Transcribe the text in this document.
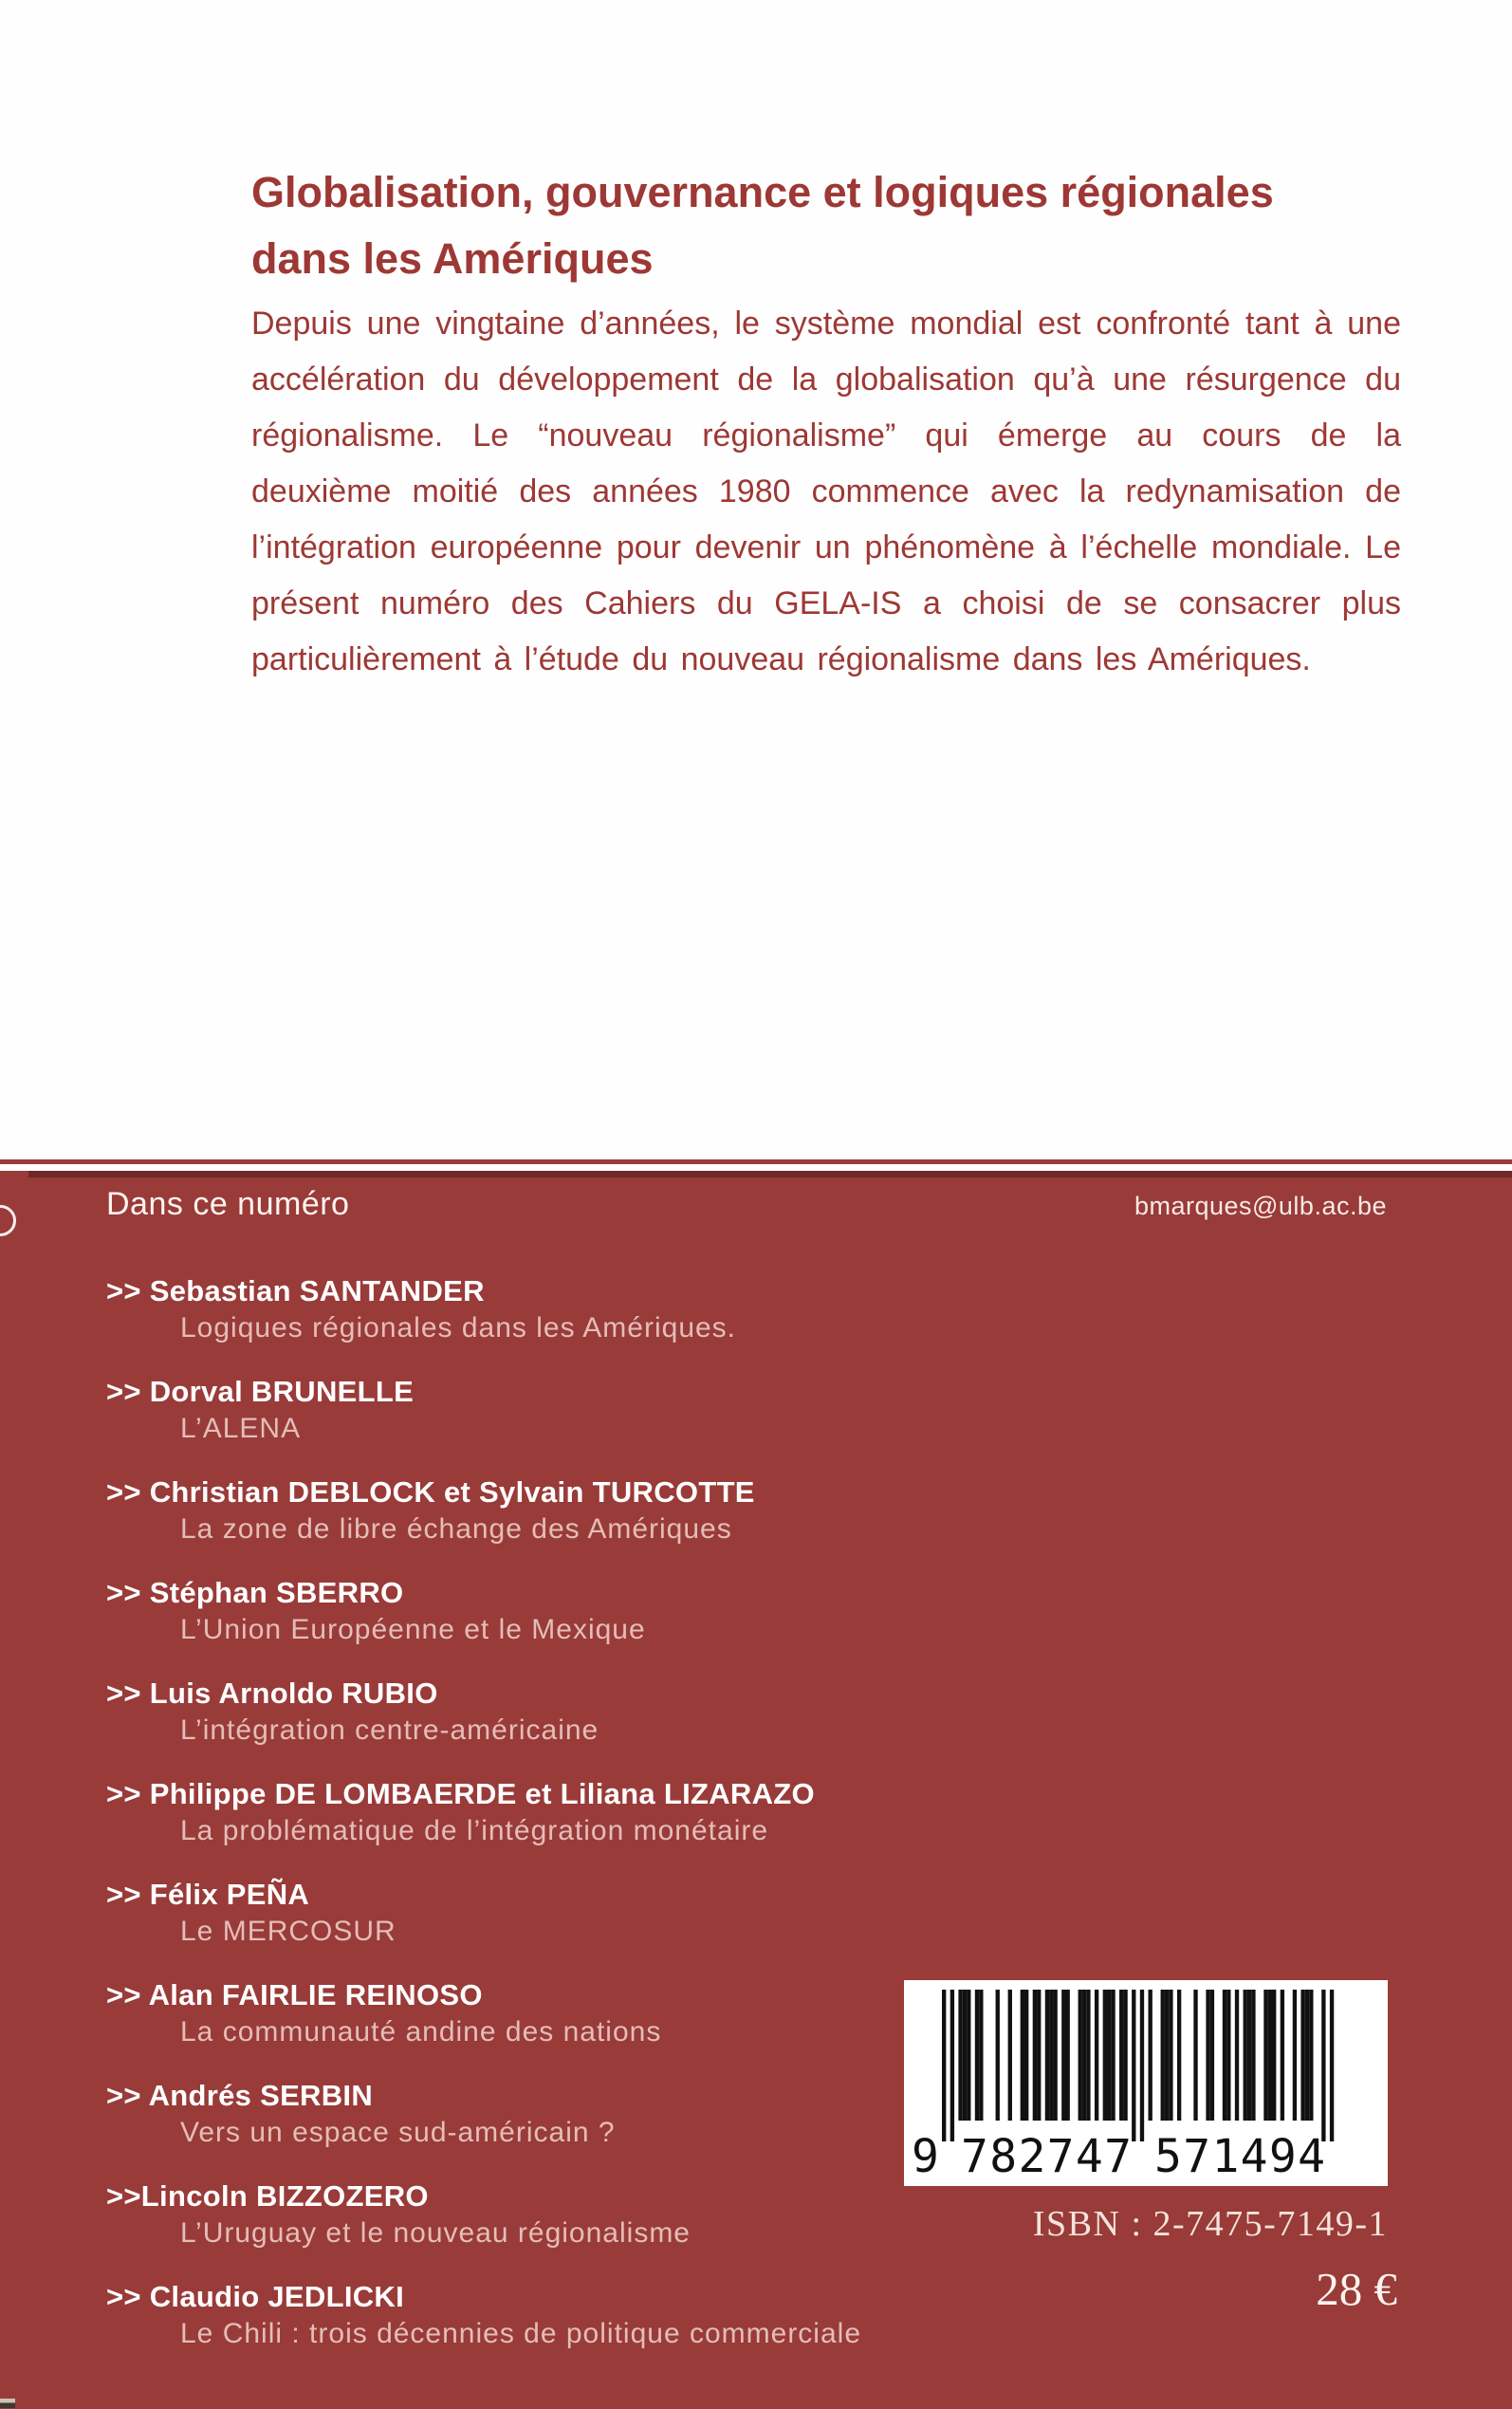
Globalisation, gouvernance et logiques régionales
dans les Amériques
Depuis une vingtaine d’années, le système mondial est confronté tant à une accélération du développement de la globalisation qu’à une résurgence du régionalisme. Le “nouveau régionalisme” qui émerge au cours de la deuxième moitié des années 1980 commence avec la redynamisation de l’intégration européenne pour devenir un phénomène à l’échelle mondiale. Le présent numéro des Cahiers du GELA-IS a choisi de se consacrer plus particulièrement à l’étude du nouveau régionalisme dans les Amériques.
Dans ce numéro	bmarques@ulb.ac.be
>> Sebastian SANTANDER
Logiques régionales dans les Amériques.
>> Dorval BRUNELLE
L’ALENA
>> Christian DEBLOCK et Sylvain TURCOTTE
La zone de libre échange des Amériques
>> Stéphan SBERRO
L’Union Européenne et le Mexique
>> Luis Arnoldo RUBIO
L’intégration centre-américaine
>> Philippe DE LOMBAERDE et Liliana LIZARAZO
La problématique de l’intégration monétaire
>> Félix PEÑA
Le MERCOSUR
>> Alan FAIRLIE REINOSO
La communauté andine des nations
>> Andrés SERBIN
Vers un espace sud-américain ?
>>Lincoln BIZZOZERO
L’Uruguay et le nouveau régionalisme
>> Claudio JEDLICKI
Le Chili : trois décennies de politique commerciale
9 782747 571494
ISBN : 2-7475-7149-1
28 €
